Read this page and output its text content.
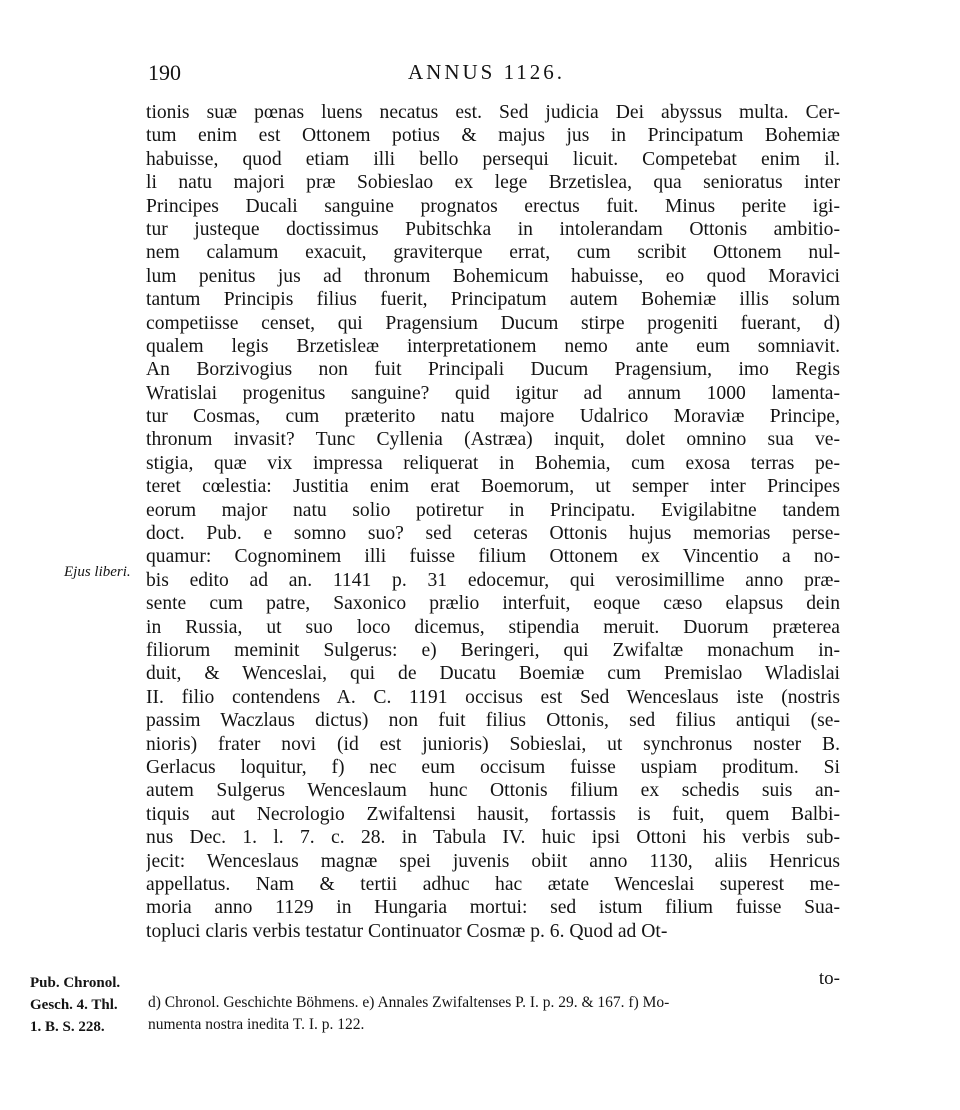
190	ANNUS 1126.
tionis suæ pœnas luens necatus est. Sed judicia Dei abyssus multa. Cer-
tum enim est Ottonem potius & majus jus in Principatum Bohemiæ
habuisse, quod etiam illi bello persequi licuit. Competebat enim il.
li natu majori præ Sobieslao ex lege Brzetislea, qua senioratus inter
Principes Ducali sanguine prognatos erectus fuit. Minus perite igi-
tur justeque doctissimus Pubitschka in intolerandam Ottonis ambitio-
nem calamum exacuit, graviterque errat, cum scribit Ottonem nul-
lum penitus jus ad thronum Bohemicum habuisse, eo quod Moravici
tantum Principis filius fuerit, Principatum autem Bohemiæ illis solum
competiisse censet, qui Pragensium Ducum stirpe progeniti fuerant, d)
qualem legis Brzetisleæ interpretationem nemo ante eum somniavit.
An Borzivogius non fuit Principali Ducum Pragensium, imo Regis
Wratislai progenitus sanguine? quid igitur ad annum 1000 lamenta-
tur Cosmas, cum præterito natu majore Udalrico Moraviæ Principe,
thronum invasit? Tunc Cyllenia (Astræa) inquit, dolet omnino sua ve-
stigia, quæ vix impressa reliquerat in Bohemia, cum exosa terras pe-
teret cœlestia: Justitia enim erat Boemorum, ut semper inter Principes
eorum major natu solio potiretur in Principatu. Evigilabitne tandem
doct. Pub. e somno suo? sed ceteras Ottonis hujus memorias perse-
quamur: Cognominem illi fuisse filium Ottonem ex Vincentio a no-
bis edito ad an. 1141 p. 31 edocemur, qui verosimillime anno præ-
sente cum patre, Saxonico prælio interfuit, eoque cæso elapsus dein
in Russia, ut suo loco dicemus, stipendia meruit. Duorum præterea
filiorum meminit Sulgerus: e) Beringeri, qui Zwifaltæ monachum in-
duit, & Wenceslai, qui de Ducatu Boemiæ cum Premislao Wladislai
II. filio contendens A. C. 1191 occisus est Sed Wenceslaus iste (nostris
passim Waczlaus dictus) non fuit filius Ottonis, sed filius antiqui (se-
nioris) frater novi (id est junioris) Sobieslai, ut synchronus noster B.
Gerlacus loquitur, f) nec eum occisum fuisse uspiam proditum. Si
autem Sulgerus Wenceslaum hunc Ottonis filium ex schedis suis an-
tiquis aut Necrologio Zwifaltensi hausit, fortassis is fuit, quem Balbi-
nus Dec. 1. l. 7. c. 28. in Tabula IV. huic ipsi Ottoni his verbis sub-
jecit: Wenceslaus magnæ spei juvenis obiit anno 1130, aliis Henricus
appellatus. Nam & tertii adhuc hac ætate Wenceslai superest me-
moria anno 1129 in Hungaria mortui: sed istum filium fuisse Sua-
topluci claris verbis testatur Continuator Cosmæ p. 6. Quod ad Ot-
Ejus liberi.
Pub. Chronol.
Gesch. 4. Thl.
1. B. S. 228.
to-
d) Chronol. Geschichte Böhmens. e) Annales Zwifaltenses P. I. p. 29. & 167. f) Mo-
numenta nostra inedita T. I. p. 122.
